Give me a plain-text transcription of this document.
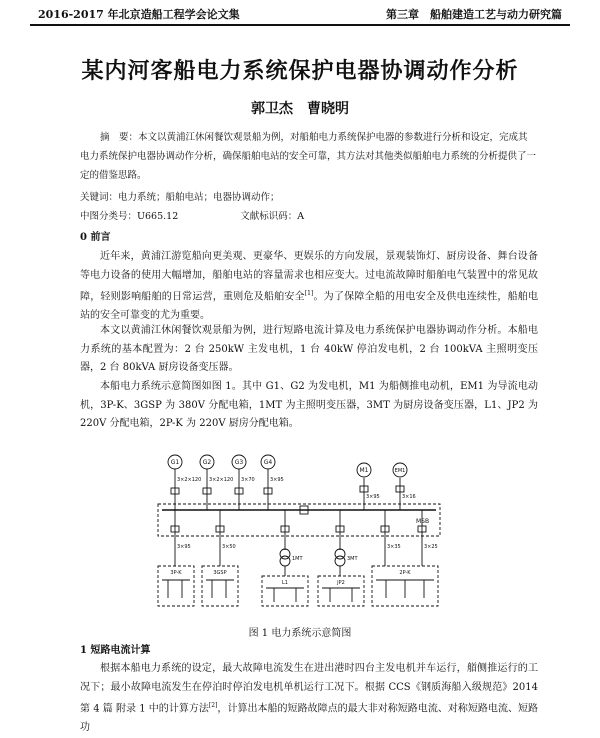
2016-2017 年北京造船工程学会论文集	第三章　船舶建造工艺与动力研究篇
某内河客船电力系统保护电器协调动作分析
郭卫杰　曹晓明
摘　要：本文以黄浦江休闲餐饮观景船为例，对船舶电力系统保护电器的参数进行分析和设定，完成其电力系统保护电器协调动作分析，确保船舶电站的安全可靠，其方法对其他类似船舶电力系统的分析提供了一定的借鉴思路。
关键词：电力系统；船舶电站；电器协调动作；
中图分类号：U665.12	文献标识码：A
0 前言
近年来，黄浦江游览船向更美观、更豪华、更娱乐的方向发展，景观装饰灯、厨房设备、舞台设备等电力设备的使用大幅增加，船舶电站的容量需求也相应变大。过电流故障时船舶电气装置中的常见故障，轻则影响船舶的日常运营，重则危及船舶安全[1]。为了保障全船的用电安全及供电连续性，船舶电站的安全可靠变的尤为重要。
本文以黄浦江休闲餐饮观景船为例，进行短路电流计算及电力系统保护电器协调动作分析。本船电力系统的基本配置为：2 台 250kW 主发电机，1 台 40kW 停泊发电机，2 台 100kVA 主照明变压器，2 台 80kVA 厨房设备变压器。
本船电力系统示意简图如图 1。其中 G1、G2 为发电机，M1 为船侧推电动机，EM1 为导流电动机，3P-K、3GSP 为 380V 分配电箱，1MT 为主照明变压器，3MT 为厨房设备变压器，L1、JP2 为 220V 分配电箱，2P-K 为 220V 厨房分配电箱。
G1	G2	G3	G4
3×2×120 3×2×120 3×70	3×95
3×95	3×16
M1	EM1
MSB
3×95	3×50	3×35	3×25
1MT	3MT
3P-K	3GSP
L1	JP2
2P-K
图 1 电力系统示意简图
1 短路电流计算
根据本船电力系统的设定，最大故障电流发生在进出港时四台主发电机并车运行，艏侧推运行的工况下；最小故障电流发生在停泊时停泊发电机单机运行工况下。根据 CCS《钢质海船入级规范》2014 第 4 篇 附录 1 中的计算方法[2]，计算出本船的短路故障点的最大非对称短路电流、对称短路电流、短路功
